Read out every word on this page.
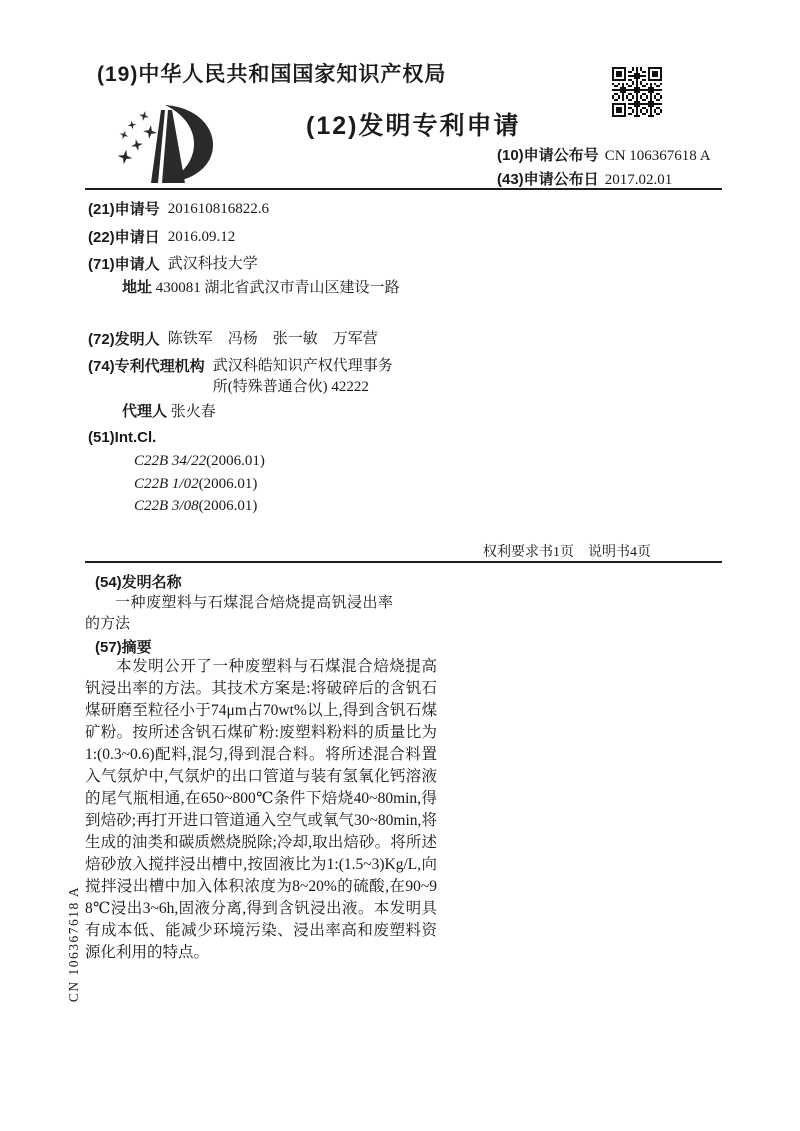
(19)中华人民共和国国家知识产权局
(12)发明专利申请
(10)申请公布号 CN 106367618 A
(43)申请公布日 2017.02.01
(21)申请号 201610816822.6
(22)申请日 2016.09.12
(71)申请人 武汉科技大学
地址 430081 湖北省武汉市青山区建设一路
(72)发明人 陈铁军　冯杨　张一敏　万军营
(74)专利代理机构 武汉科皓知识产权代理事务所(特殊普通合伙) 42222
代理人 张火春
(51)Int.Cl.
C22B 34/22(2006.01)
C22B 1/02(2006.01)
C22B 3/08(2006.01)
权利要求书1页　说明书4页
(54)发明名称
一种废塑料与石煤混合焙烧提高钒浸出率的方法
(57)摘要
本发明公开了一种废塑料与石煤混合焙烧提高钒浸出率的方法。其技术方案是:将破碎后的含钒石煤研磨至粒径小于74μm占70wt%以上,得到含钒石煤矿粉。按所述含钒石煤矿粉:废塑料粉料的质量比为1:(0.3~0.6)配料,混匀,得到混合料。将所述混合料置入气氛炉中,气氛炉的出口管道与装有氢氧化钙溶液的尾气瓶相通,在650~800℃条件下焙烧40~80min,得到焙砂;再打开进口管道通入空气或氧气30~80min,将生成的油类和碳质燃烧脱除;冷却,取出焙砂。将所述焙砂放入搅拌浸出槽中,按固液比为1:(1.5~3)Kg/L,向搅拌浸出槽中加入体积浓度为8~20%的硫酸,在90~98℃浸出3~6h,固液分离,得到含钒浸出液。本发明具有成本低、能减少环境污染、浸出率高和废塑料资源化利用的特点。
CN 106367618 A
